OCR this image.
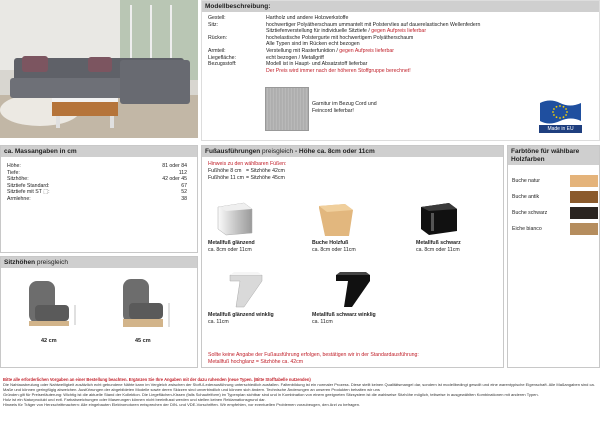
Modellbeschreibung:
Gestell:	Hartholz und andere Holzwerkstoffe
Sitz:	hochwertiger Polyätherschaum ummantelt mit Polstervlies auf dauerelastischen Wellenfedern
Sitztiefenverstellung für individuelle Sitztiefe / gegen Aufpreis lieferbar
Rücken:	hochelastische Polstergurte mit hochwertigem Polyätherschaum
Alle Typen sind im Rücken echt bezogen
Armteil:	Verstellung mit Rasterfunktion / gegen Aufpreis lieferbar
Liegefläche:	echt bezogen / Metallgriff
Bezugsstoff:	Modell ist in Haupt- und Absatzstoff lieferbar
Der Preis wird immer nach der höheren Stoffgruppe berechnet!
Garnitur im Bezug Cord und Feincord lieferbar!
Made in EU
ca. Massangaben in cm
Höhe:	81 oder 84
Tiefe:	112
Sitzhöhe:	42 oder 45
Sitztiefe Standard:	67
Sitztiefe mit ST ⬚:	52
Armlehne:	38
Sitzhöhen preisgleich
42 cm	45 cm
Fußausführungen preisgleich - Höhe ca. 8cm oder 11cm
Hinweis zu den wählbaren Füßen:
Fußhöhe 8 cm = Sitzhöhe 42cm
Fußhöhe 11 cm = Sitzhöhe 45cm
Metallfuß glänzend
ca. 8cm oder 11cm
Buche Holzfuß
ca. 8cm oder 11cm
Metallfuß schwarz
ca. 8cm oder 11cm
Metallfuß glänzend winklig
ca. 11cm
Metallfuß schwarz winklig
ca. 11cm
Sollte keine Angabe der Fußausführung erfolgen, bestätigen wir in der Standardausführung:
Metallfuß hochglanz = Sitzhöhe ca. 42cm
Farbtöne für wählbare Holzfarben
Buche natur
Buche antik
Buche schwarz
Eiche bianco
Bitte alle erforderlichen Vorgaben an einer Bestellung beachten. Ergänzen Sie Ihre Angaben mit der dazu ruhenden (neue Typen. (Bitte Stofftabelle nutzenden)
Die Nahtausbeulung oder Nahtwelligkeit zusätzlich echt gebundene Nähte kann im Vergleich zwischen der Stoff-/Lederausführung unterschiedlich ausfallen. Faltenbildung ist ein normaler Prozess. Diese stellt keinen Qualitätsmangel dar, sondern ist modellbedingt gewollt und eine warentypische Eigenschaft. Alle Maßangaben sind ca. Maße und können geringfügig abweichen. Ausführungen der abgebildeten Modelle sowie deren Skizzen sind unverbindlich und können sich ändern. Technische Änderungen an unseren Produkten behalten wir uns
Gründen gilt für Preiserläuterung: Wichtig ist die aktuelle Stand der Kollektion. Die Liegeflächen-Kissen (falls Schaufelform) im Typenplan sichtbar sind und in Kombination von einem geeigneten Sitzsystem ist die wahlweise Sitzhöhe möglich, teilweise in ausgewählten Kombinationen mit anderen Typen.
Holz ist ein Naturprodukt und evtl. Farbabweichungen oder Maserungen können nicht beeinflusst werden und stellen keinen Reklamationsgrund dar.
Hinweis für Träger von Herzschrittmachern: Alle eingebauten Elektromotoren entsprechen der DIN- und VDE-Vorschriften. Wir empfehlen, vor eventuellen Problemen vorzubeugen, den Arzt zu befragen.
